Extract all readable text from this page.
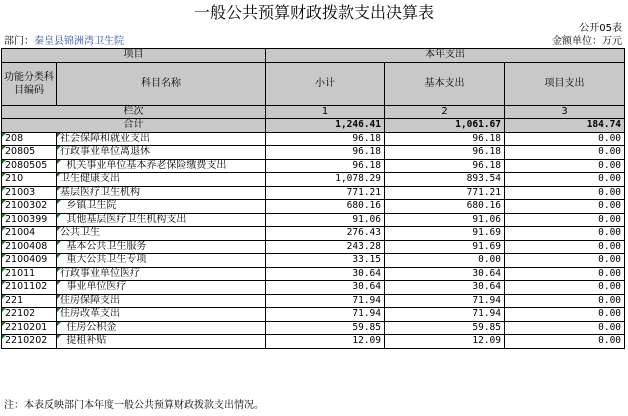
一般公共预算财政拨款支出决算表
公开05表
部门：秦皇县锦洲湾卫生院	金额单位：万元
项目		本年支出		
功能分类科目编码	科目名称	小计	基本支出	项目支出
栏次		1	2	3
合计		1,246.41	1,061.67	184.74

208	社会保障和就业支出	96.18	96.18	0.00

20805	行政事业单位离退休	96.18	96.18	0.00

2080505	机关事业单位基本养老保险缴费支出	96.18	96.18	0.00

210	卫生健康支出	1,078.29	893.54	0.00

21003	基层医疗卫生机构	771.21	771.21	0.00

2100302	乡镇卫生院	680.16	680.16	0.00

2100399	其他基层医疗卫生机构支出	91.06	91.06	0.00

21004	公共卫生	276.43	91.69	0.00

2100408	基本公共卫生服务	243.28	91.69	0.00

2100409	重大公共卫生专项	33.15	0.00	0.00

21011	行政事业单位医疗	30.64	30.64	0.00

2101102	事业单位医疗	30.64	30.64	0.00

221	住房保障支出	71.94	71.94	0.00

22102	住房改革支出	71.94	71.94	0.00

2210201	住房公积金	59.85	59.85	0.00

2210202	提租补贴	12.09	12.09	0.00
注：本表反映部门本年度一般公共预算财政拨款支出情况。
